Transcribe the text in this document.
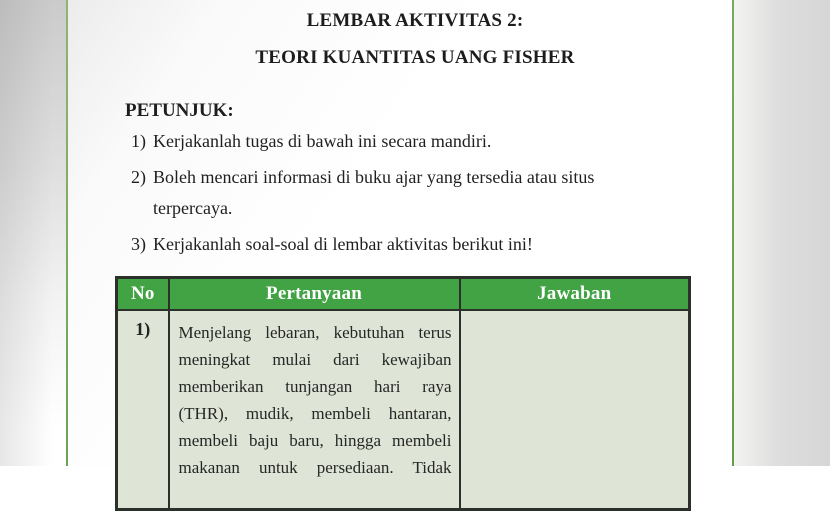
LEMBAR AKTIVITAS 2:
TEORI KUANTITAS UANG FISHER
PETUNJUK:
1) Kerjakanlah tugas di bawah ini secara mandiri.
2) Boleh mencari informasi di buku ajar yang tersedia atau situs
terpercaya.
3) Kerjakanlah soal-soal di lembar aktivitas berikut ini!
No	Pertanyaan	Jawaban
1)	Menjelang lebaran, kebutuhan terus
meningkat mulai dari kewajiban
memberikan tunjangan hari raya
(THR), mudik, membeli hantaran,
membeli baju baru, hingga membeli
makanan untuk persediaan. Tidak
